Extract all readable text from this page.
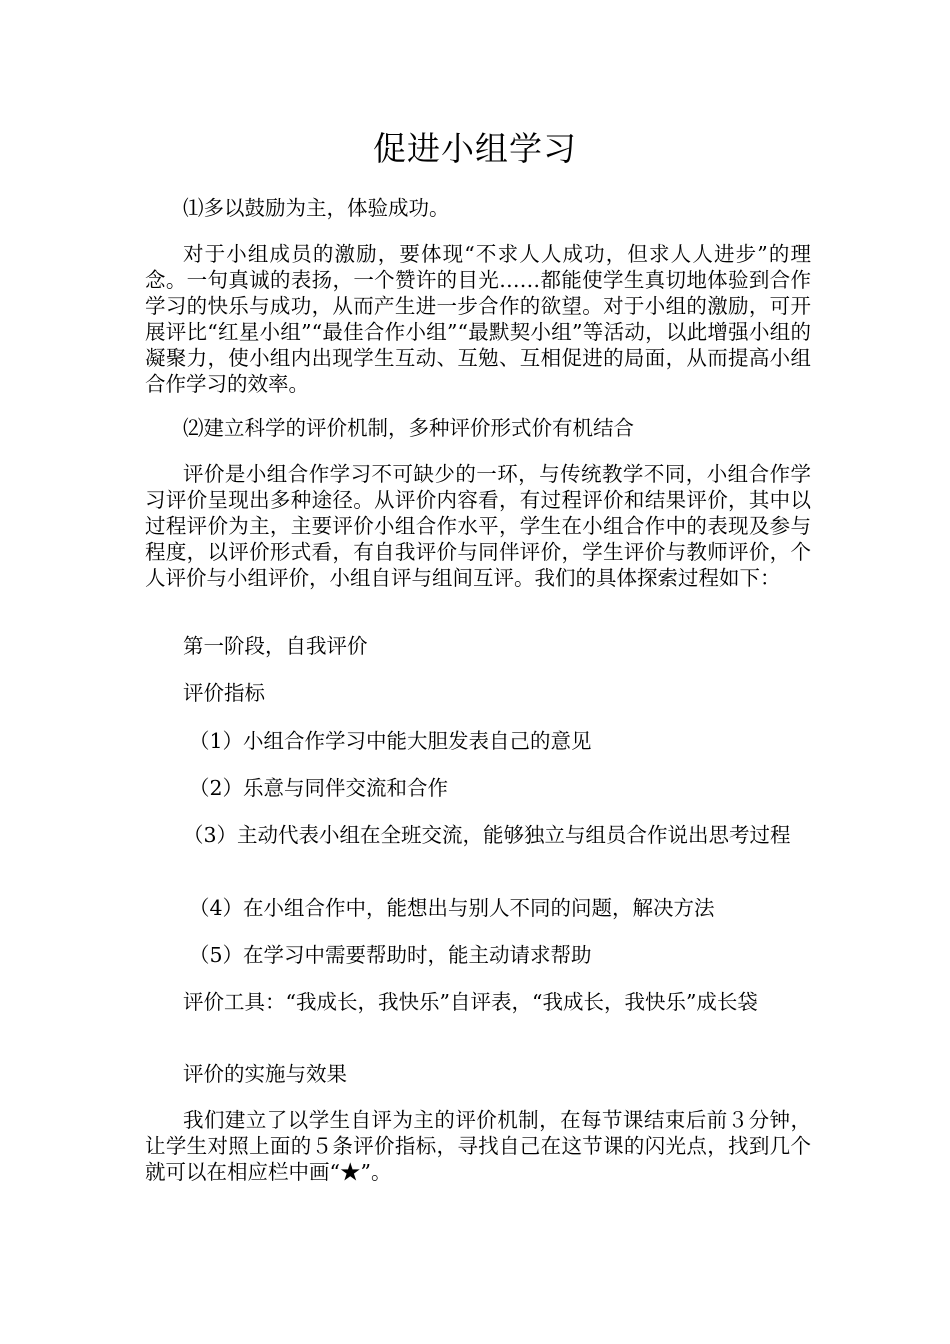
促进小组学习

⑴多以鼓励为主，体验成功。

对于小组成员的激励，要体现“不求人人成功，但求人人进步”的理念。一句真诚的表扬，一个赞许的目光……都能使学生真切地体验到合作学习的快乐与成功，从而产生进一步合作的欲望。对于小组的激励，可开展评比“红星小组”“最佳合作小组”“最默契小组”等活动，以此增强小组的凝聚力，使小组内出现学生互动、互勉、互相促进的局面，从而提高小组合作学习的效率。

⑵建立科学的评价机制，多种评价形式价有机结合

评价是小组合作学习不可缺少的一环，与传统教学不同，小组合作学习评价呈现出多种途径。从评价内容看，有过程评价和结果评价，其中以过程评价为主，主要评价小组合作水平，学生在小组合作中的表现及参与程度，以评价形式看，有自我评价与同伴评价，学生评价与教师评价，个人评价与小组评价，小组自评与组间互评。我们的具体探索过程如下：

第一阶段，自我评价

评价指标

（1）小组合作学习中能大胆发表自己的意见

（2）乐意与同伴交流和合作

（3）主动代表小组在全班交流，能够独立与组员合作说出思考过程

（4）在小组合作中，能想出与别人不同的问题，解决方法

（5）在学习中需要帮助时，能主动请求帮助

评价工具：“我成长，我快乐”自评表，“我成长，我快乐”成长袋

评价的实施与效果

我们建立了以学生自评为主的评价机制，在每节课结束后前３分钟，让学生对照上面的５条评价指标，寻找自己在这节课的闪光点，找到几个就可以在相应栏中画“★”。
